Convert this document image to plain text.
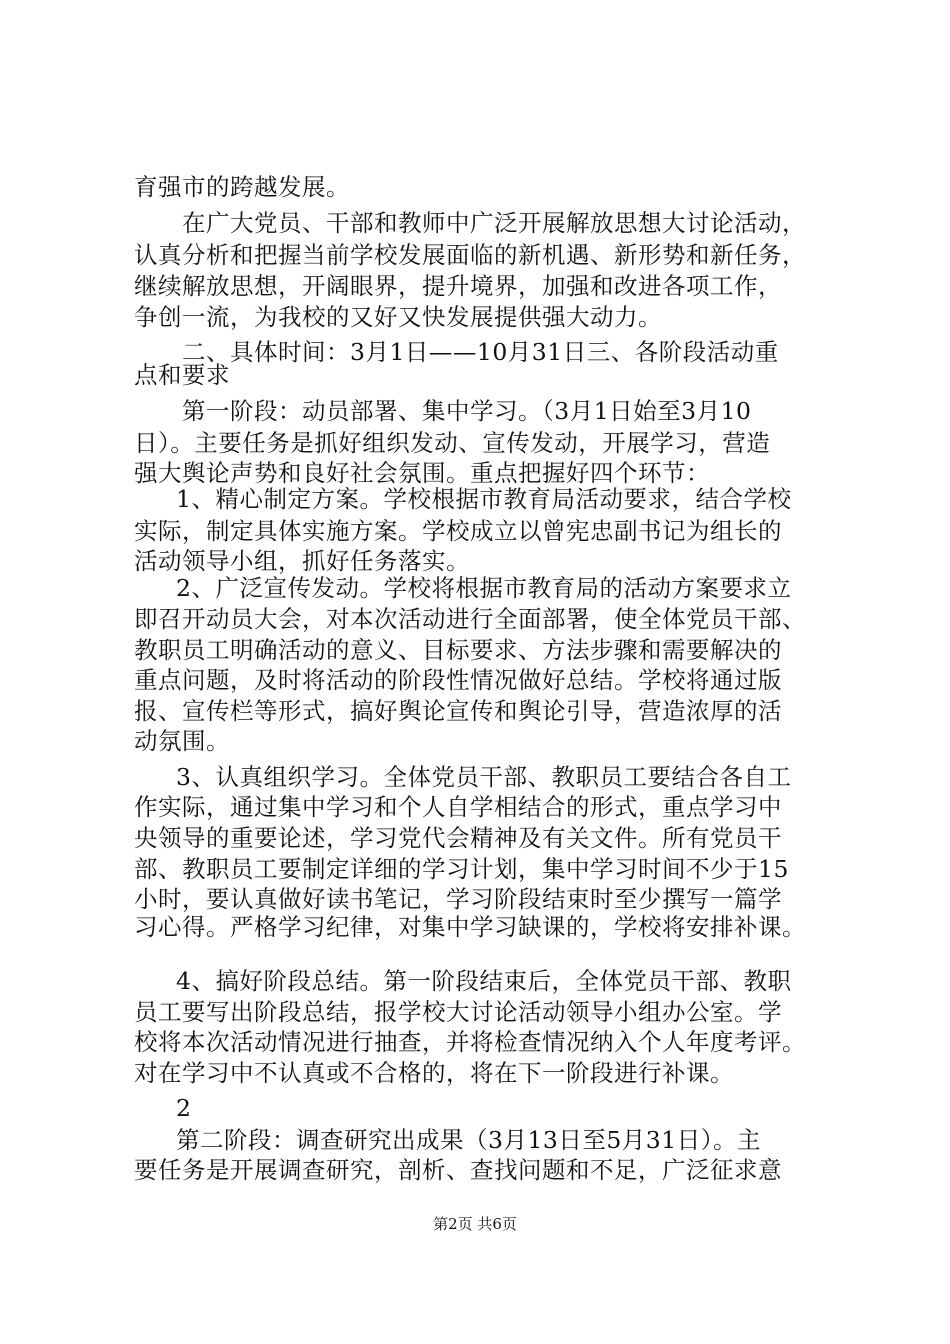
育强市的跨越发展。
在广大党员、干部和教师中广泛开展解放思想大讨论活动，
认真分析和把握当前学校发展面临的新机遇、新形势和新任务，
继续解放思想，开阔眼界，提升境界，加强和改进各项工作，
争创一流，为我校的又好又快发展提供强大动力。
二、具体时间：3月1日——10月31日三、各阶段活动重
点和要求
第一阶段：动员部署、集中学习。（3月1日始至3月10
日）。主要任务是抓好组织发动、宣传发动，开展学习，营造
强大舆论声势和良好社会氛围。重点把握好四个环节：
1、精心制定方案。学校根据市教育局活动要求，结合学校
实际，制定具体实施方案。学校成立以曾宪忠副书记为组长的
活动领导小组，抓好任务落实。
2、广泛宣传发动。学校将根据市教育局的活动方案要求立
即召开动员大会，对本次活动进行全面部署，使全体党员干部、
教职员工明确活动的意义、目标要求、方法步骤和需要解决的
重点问题，及时将活动的阶段性情况做好总结。学校将通过版
报、宣传栏等形式，搞好舆论宣传和舆论引导，营造浓厚的活
动氛围。
3、认真组织学习。全体党员干部、教职员工要结合各自工
作实际，通过集中学习和个人自学相结合的形式，重点学习中
央领导的重要论述，学习党代会精神及有关文件。所有党员干
部、教职员工要制定详细的学习计划，集中学习时间不少于15
小时，要认真做好读书笔记，学习阶段结束时至少撰写一篇学
习心得。严格学习纪律，对集中学习缺课的，学校将安排补课。
4、搞好阶段总结。第一阶段结束后，全体党员干部、教职
员工要写出阶段总结，报学校大讨论活动领导小组办公室。学
校将本次活动情况进行抽查，并将检查情况纳入个人年度考评。
对在学习中不认真或不合格的，将在下一阶段进行补课。
2
第二阶段：调查研究出成果（3月13日至5月31日）。主
要任务是开展调查研究，剖析、查找问题和不足，广泛征求意
第2页 共6页
